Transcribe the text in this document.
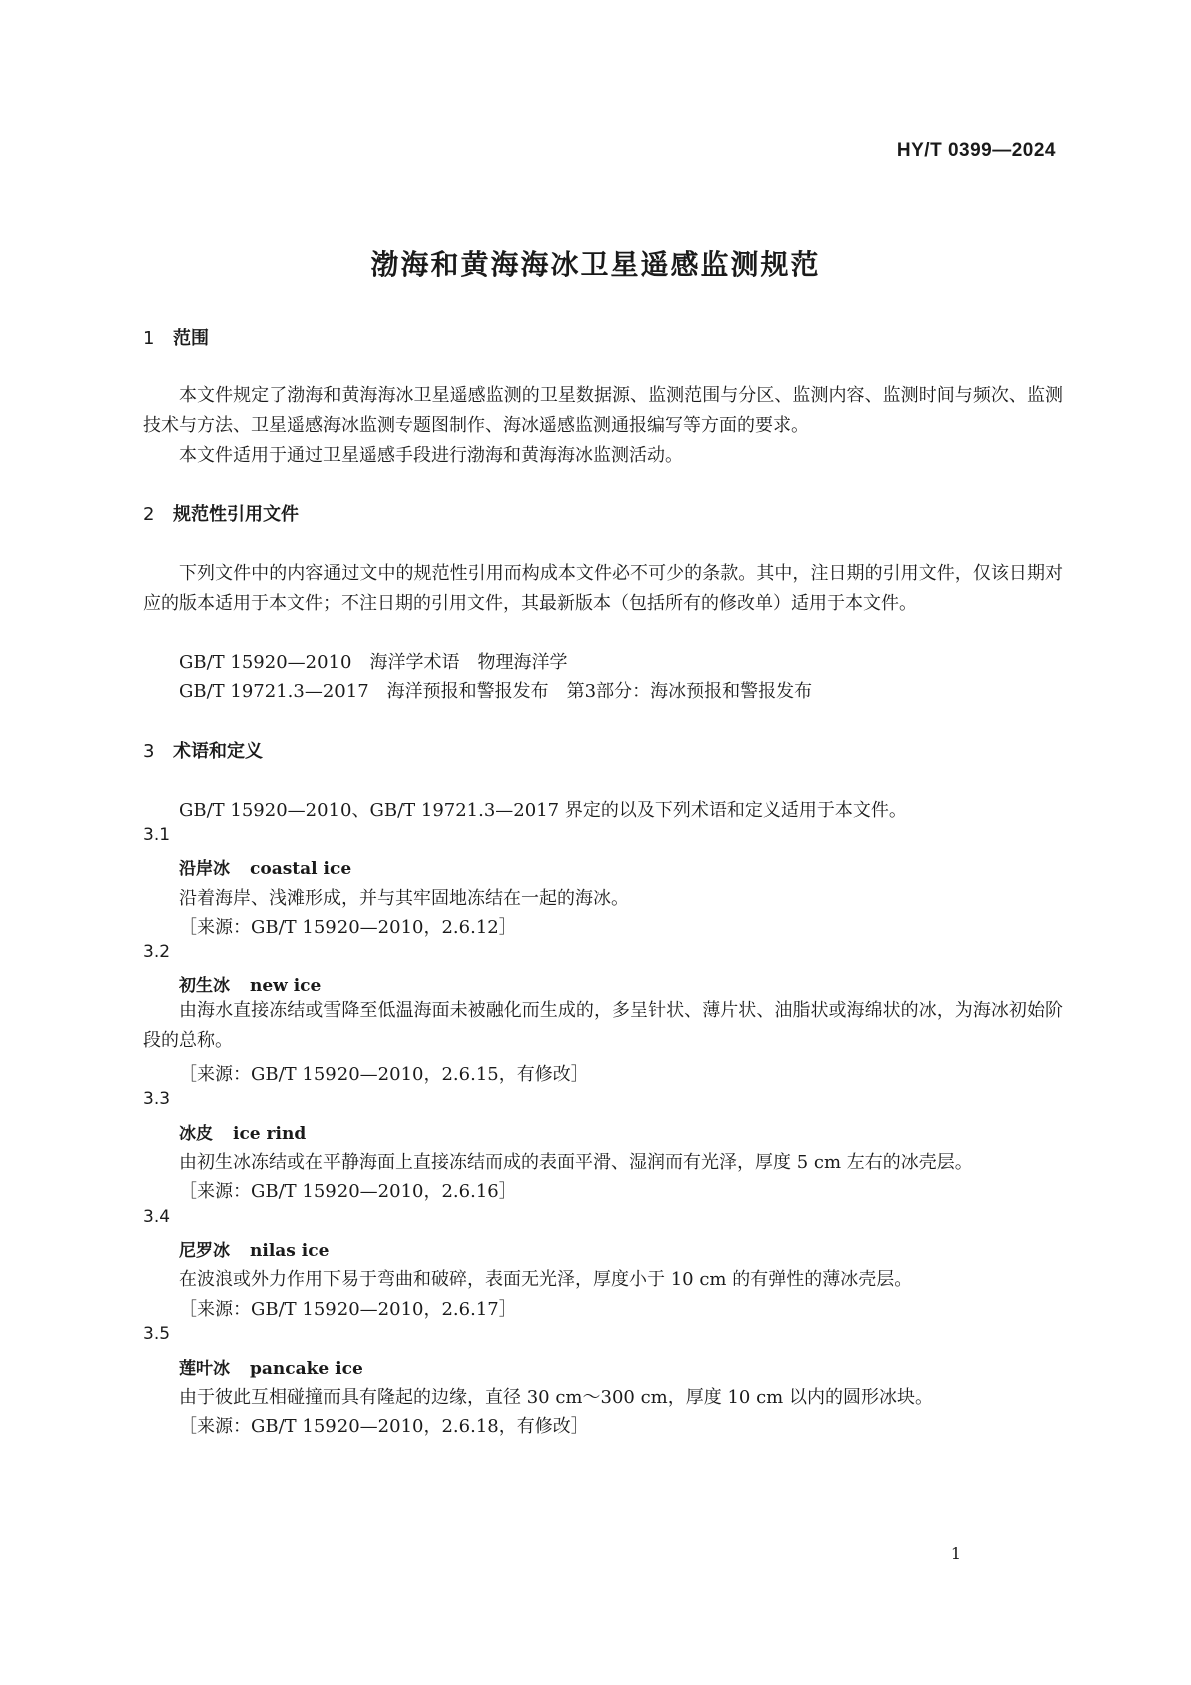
HY/T 0399—2024
渤海和黄海海冰卫星遥感监测规范
1 范围
本文件规定了渤海和黄海海冰卫星遥感监测的卫星数据源、监测范围与分区、监测内容、监测时间与频次、监测技术与方法、卫星遥感海冰监测专题图制作、海冰遥感监测通报编写等方面的要求。
本文件适用于通过卫星遥感手段进行渤海和黄海海冰监测活动。
2 规范性引用文件
下列文件中的内容通过文中的规范性引用而构成本文件必不可少的条款。其中，注日期的引用文件，仅该日期对应的版本适用于本文件；不注日期的引用文件，其最新版本（包括所有的修改单）适用于本文件。
GB/T 15920—2010 海洋学术语　物理海洋学
GB/T 19721.3—2017 海洋预报和警报发布　第3部分：海冰预报和警报发布
3 术语和定义
GB/T 15920—2010、GB/T 19721.3—2017 界定的以及下列术语和定义适用于本文件。
3.1
沿岸冰 coastal ice
沿着海岸、浅滩形成，并与其牢固地冻结在一起的海冰。
［来源：GB/T 15920—2010，2.6.12］
3.2
初生冰 new ice
由海水直接冻结或雪降至低温海面未被融化而生成的，多呈针状、薄片状、油脂状或海绵状的冰，为海冰初始阶段的总称。
［来源：GB/T 15920—2010，2.6.15，有修改］
3.3
冰皮 ice rind
由初生冰冻结或在平静海面上直接冻结而成的表面平滑、湿润而有光泽，厚度 5 cm 左右的冰壳层。
［来源：GB/T 15920—2010，2.6.16］
3.4
尼罗冰 nilas ice
在波浪或外力作用下易于弯曲和破碎，表面无光泽，厚度小于 10 cm 的有弹性的薄冰壳层。
［来源：GB/T 15920—2010，2.6.17］
3.5
莲叶冰 pancake ice
由于彼此互相碰撞而具有隆起的边缘，直径 30 cm～300 cm，厚度 10 cm 以内的圆形冰块。
［来源：GB/T 15920—2010，2.6.18，有修改］
1
